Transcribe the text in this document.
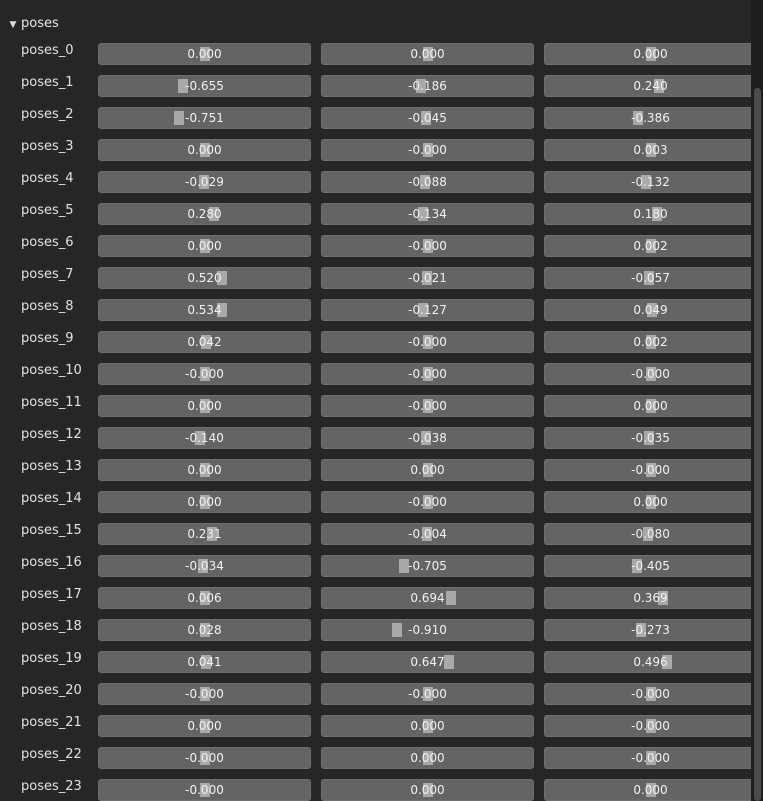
▼ poses
poses_0	0.000	0.000	0.000
poses_1	-0.655	-0.186	0.240
poses_2	-0.751	-0.045	-0.386
poses_3	0.000	-0.000	0.003
poses_4	-0.029	-0.088	-0.132
poses_5	0.280	-0.134	0.180
poses_6	0.000	-0.000	0.002
poses_7	0.520	-0.021	-0.057
poses_8	0.534	-0.127	0.049
poses_9	0.042	-0.000	0.002
poses_10	-0.000	-0.000	-0.000
poses_11	0.000	-0.000	0.000
poses_12	-0.140	-0.038	-0.035
poses_13	0.000	0.000	-0.000
poses_14	0.000	-0.000	0.000
poses_15	0.231	-0.004	-0.080
poses_16	-0.034	-0.705	-0.405
poses_17	0.006	0.694	0.369
poses_18	0.028	-0.910	-0.273
poses_19	0.041	0.647	0.496
poses_20	-0.000	-0.000	-0.000
poses_21	0.000	0.000	-0.000
poses_22	-0.000	0.000	-0.000
poses_23	-0.000	0.000	0.000
